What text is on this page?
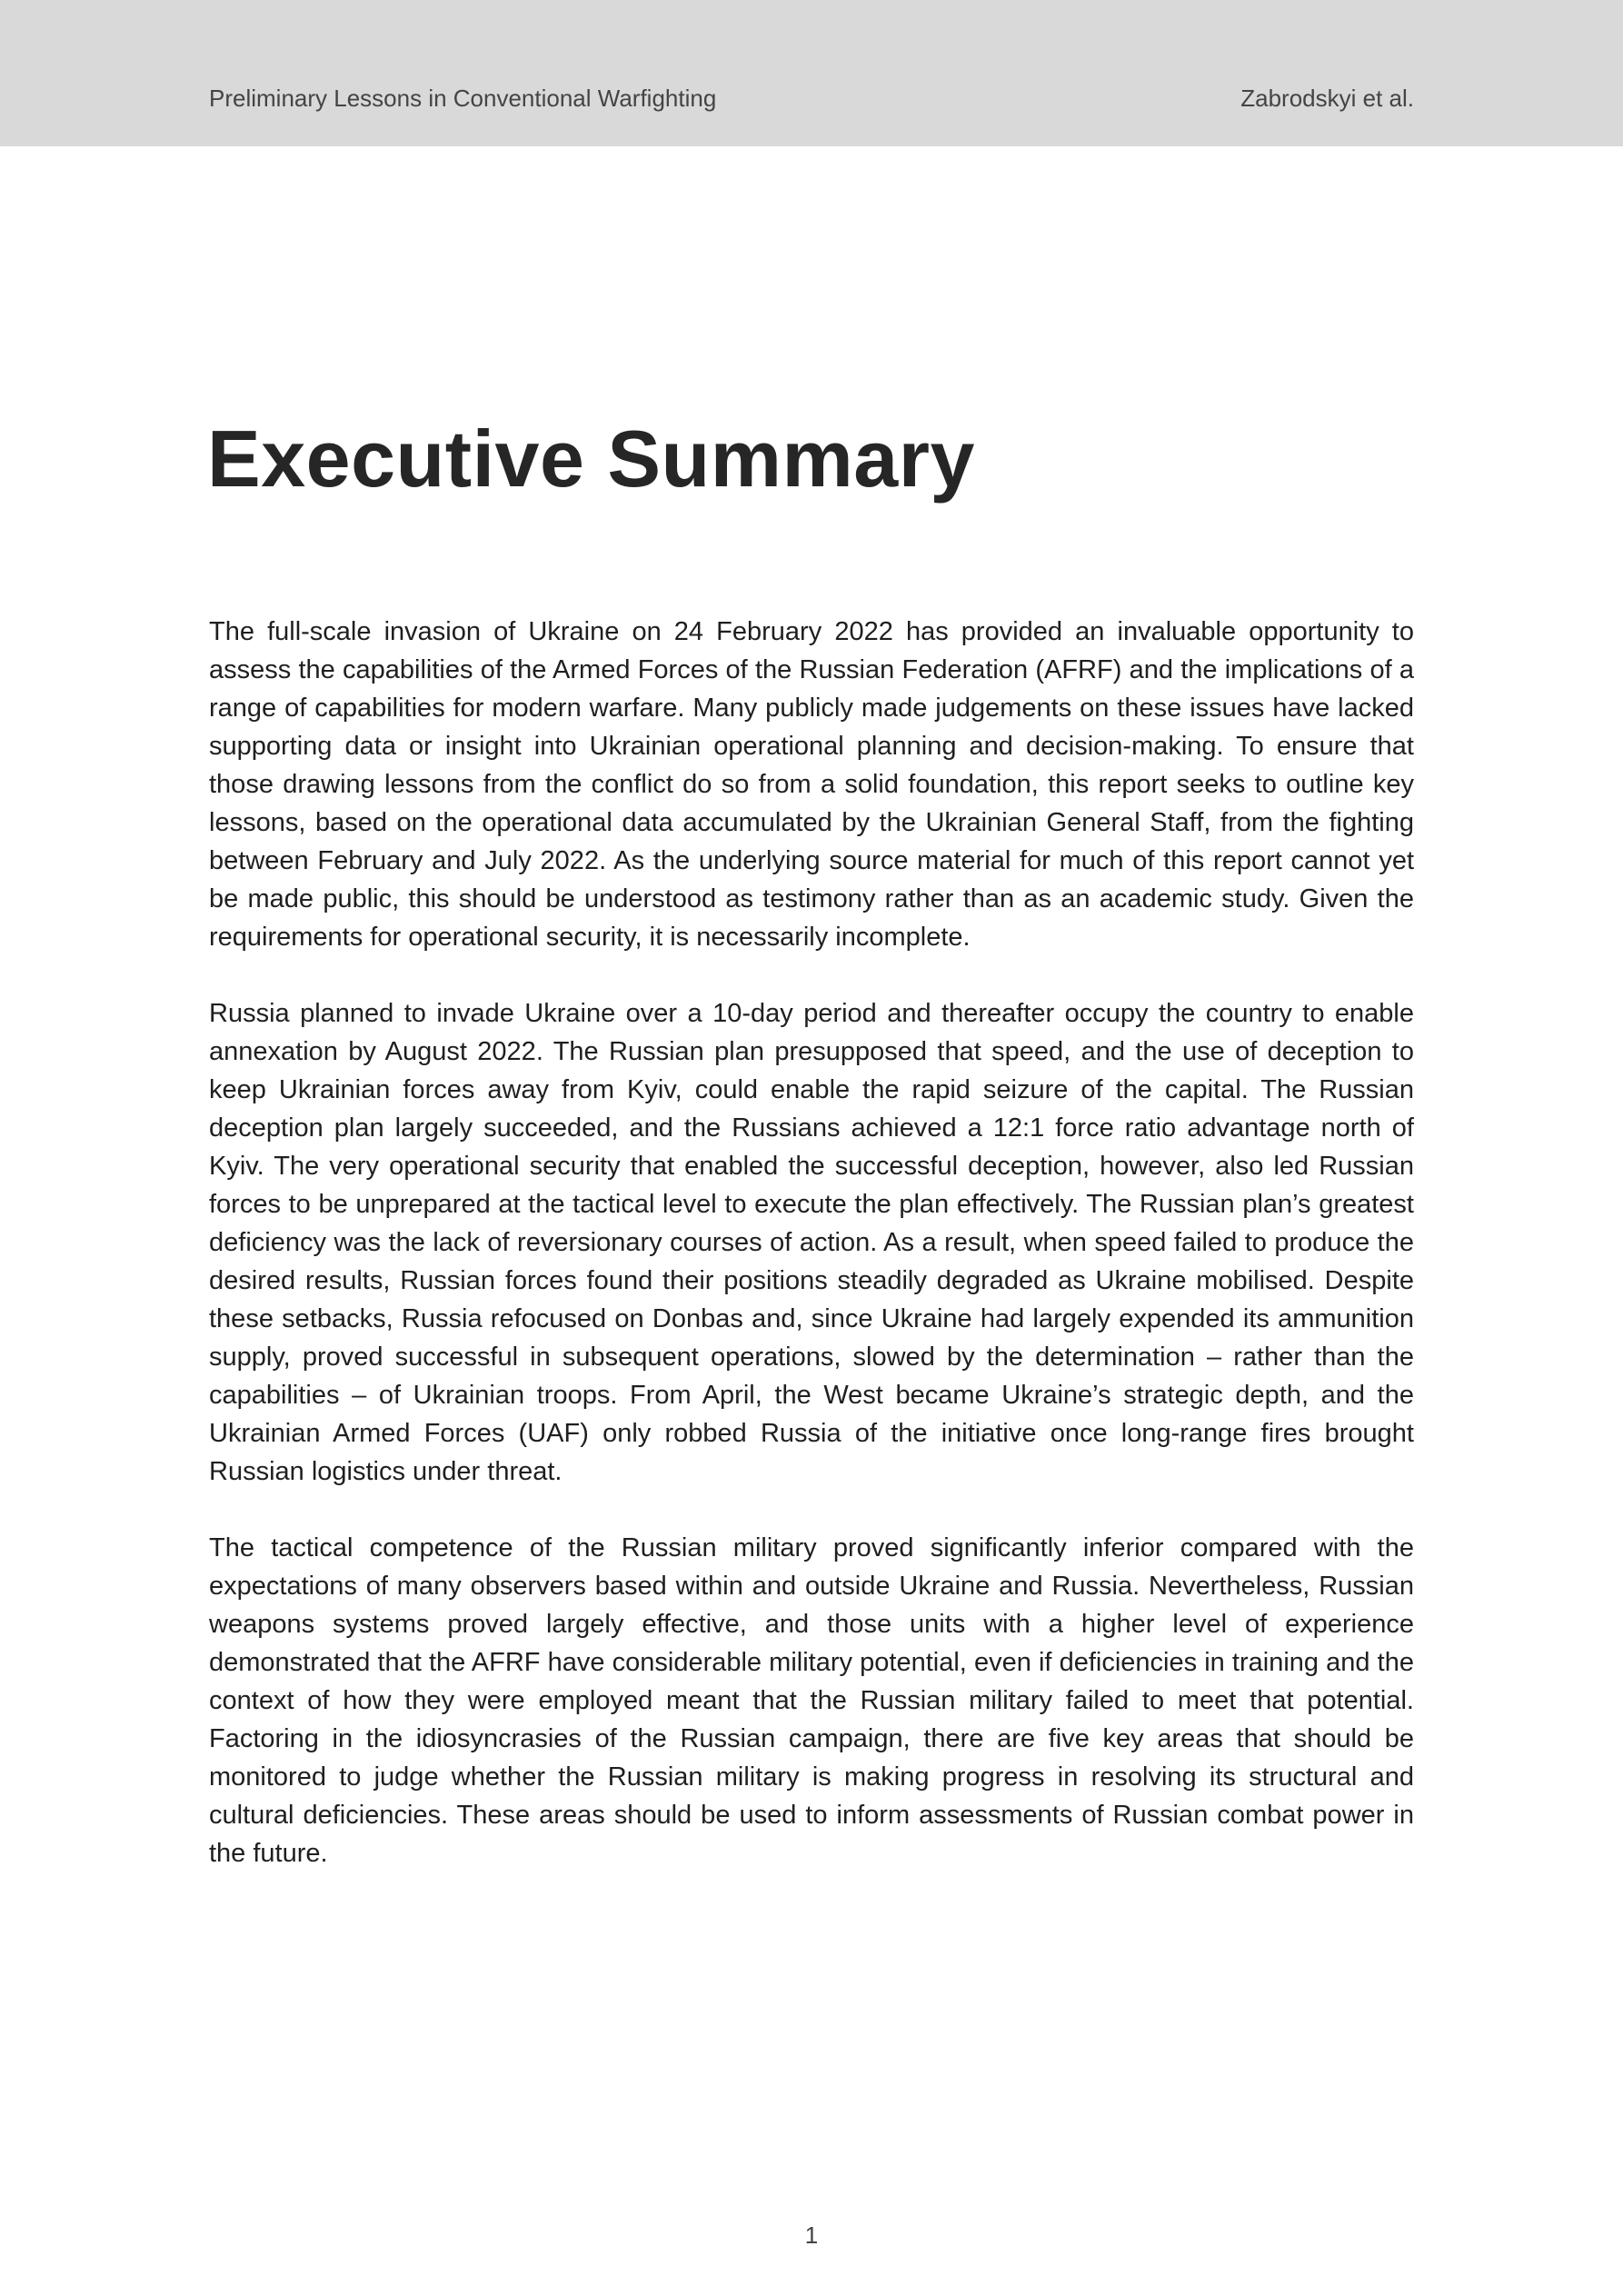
Preliminary Lessons in Conventional Warfighting	Zabrodskyi et al.
Executive Summary

The full-scale invasion of Ukraine on 24 February 2022 has provided an invaluable opportunity to assess the capabilities of the Armed Forces of the Russian Federation (AFRF) and the implications of a range of capabilities for modern warfare. Many publicly made judgements on these issues have lacked supporting data or insight into Ukrainian operational planning and decision-making. To ensure that those drawing lessons from the conflict do so from a solid foundation, this report seeks to outline key lessons, based on the operational data accumulated by the Ukrainian General Staff, from the fighting between February and July 2022. As the underlying source material for much of this report cannot yet be made public, this should be understood as testimony rather than as an academic study. Given the requirements for operational security, it is necessarily incomplete.

Russia planned to invade Ukraine over a 10-day period and thereafter occupy the country to enable annexation by August 2022. The Russian plan presupposed that speed, and the use of deception to keep Ukrainian forces away from Kyiv, could enable the rapid seizure of the capital. The Russian deception plan largely succeeded, and the Russians achieved a 12:1 force ratio advantage north of Kyiv. The very operational security that enabled the successful deception, however, also led Russian forces to be unprepared at the tactical level to execute the plan effectively. The Russian plan’s greatest deficiency was the lack of reversionary courses of action. As a result, when speed failed to produce the desired results, Russian forces found their positions steadily degraded as Ukraine mobilised. Despite these setbacks, Russia refocused on Donbas and, since Ukraine had largely expended its ammunition supply, proved successful in subsequent operations, slowed by the determination – rather than the capabilities – of Ukrainian troops. From April, the West became Ukraine’s strategic depth, and the Ukrainian Armed Forces (UAF) only robbed Russia of the initiative once long-range fires brought Russian logistics under threat.

The tactical competence of the Russian military proved significantly inferior compared with the expectations of many observers based within and outside Ukraine and Russia. Nevertheless, Russian weapons systems proved largely effective, and those units with a higher level of experience demonstrated that the AFRF have considerable military potential, even if deficiencies in training and the context of how they were employed meant that the Russian military failed to meet that potential. Factoring in the idiosyncrasies of the Russian campaign, there are five key areas that should be monitored to judge whether the Russian military is making progress in resolving its structural and cultural deficiencies. These areas should be used to inform assessments of Russian combat power in the future.

1
